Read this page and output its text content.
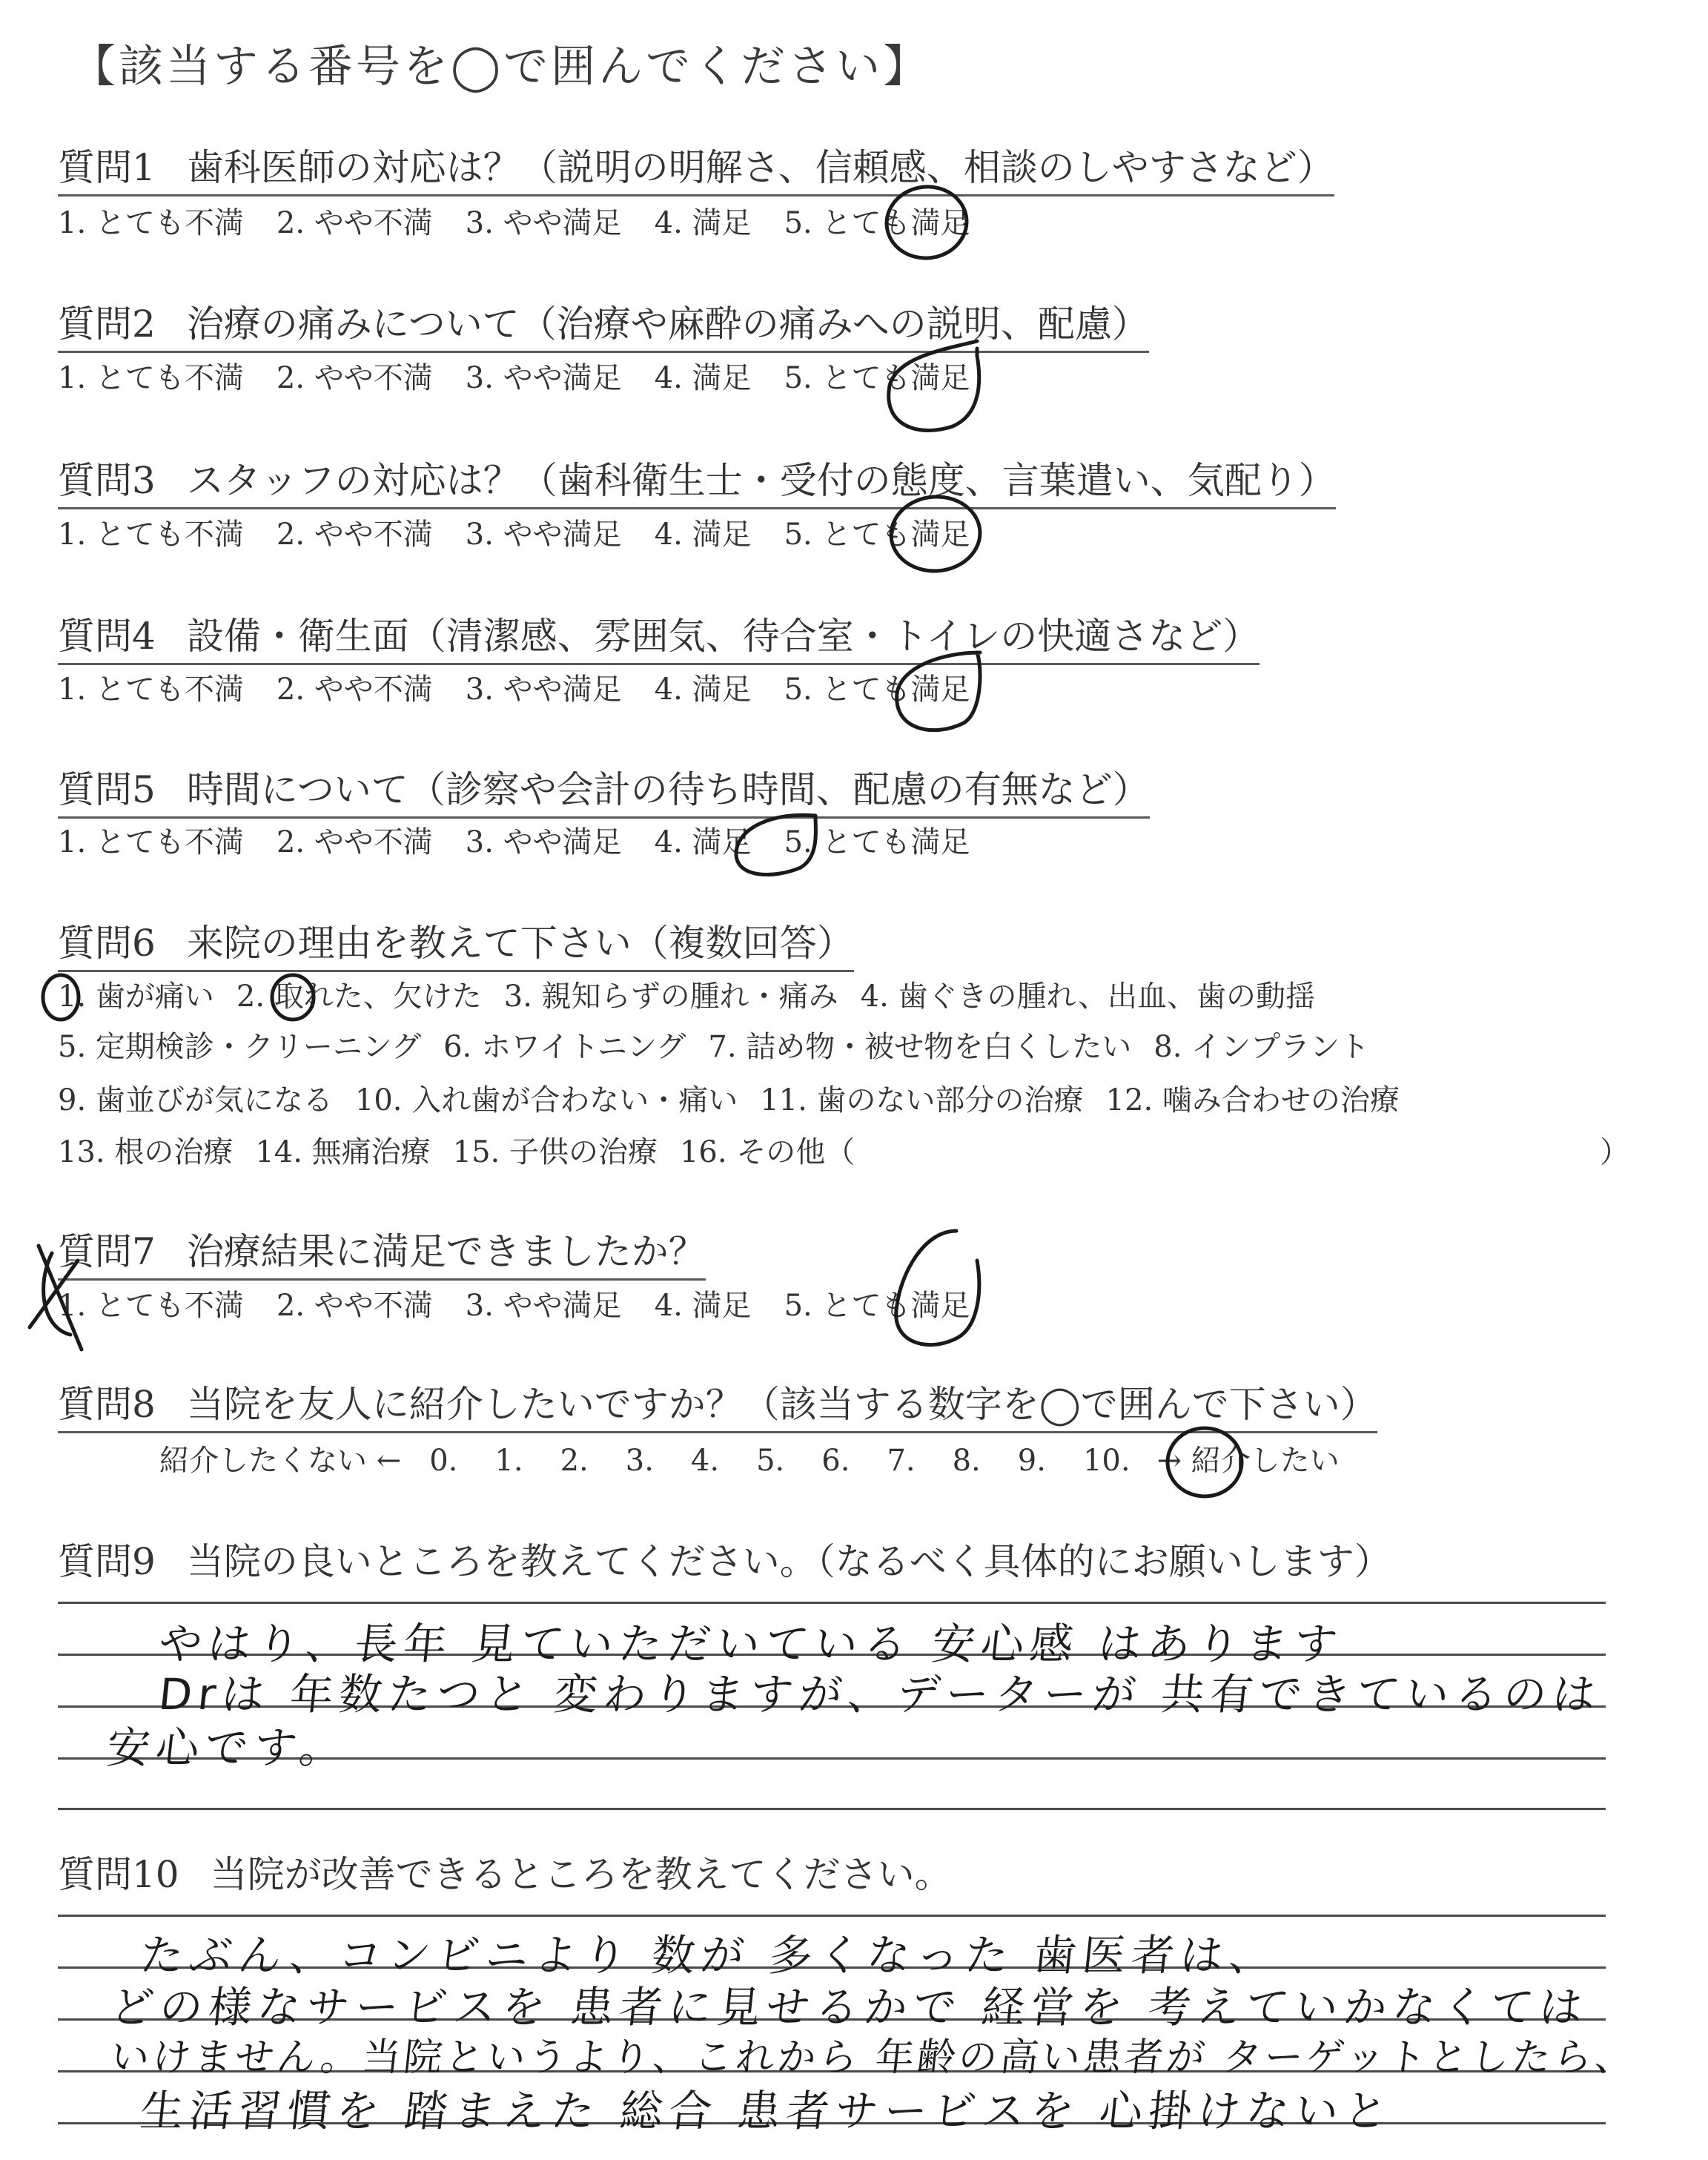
【該当する番号を◯で囲んでください】
質問1 歯科医師の対応は？（説明の明解さ、信頼感、相談のしやすさなど）
1. とても不満 2. やや不満 3. やや満足 4. 満足 5. とても満足
質問2 治療の痛みについて（治療や麻酔の痛みへの説明、配慮）
1. とても不満 2. やや不満 3. やや満足 4. 満足 5. とても満足
質問3 スタッフの対応は？（歯科衛生士・受付の態度、言葉遣い、気配り）
1. とても不満 2. やや不満 3. やや満足 4. 満足 5. とても満足
質問4 設備・衛生面（清潔感、雰囲気、待合室・トイレの快適さなど）
1. とても不満 2. やや不満 3. やや満足 4. 満足 5. とても満足
質問5 時間について（診察や会計の待ち時間、配慮の有無など）
1. とても不満 2. やや不満 3. やや満足 4. 満足 5. とても満足
質問6 来院の理由を教えて下さい（複数回答）
1. 歯が痛い 2. 取れた、欠けた 3. 親知らずの腫れ・痛み 4. 歯ぐきの腫れ、出血、歯の動揺
5. 定期検診・クリーニング 6. ホワイトニング 7. 詰め物・被せ物を白くしたい 8. インプラント
9. 歯並びが気になる 10. 入れ歯が合わない・痛い 11. 歯のない部分の治療 12. 噛み合わせの治療
13. 根の治療 14. 無痛治療 15. 子供の治療 16. その他（	）
質問7 治療結果に満足できましたか？
1. とても不満 2. やや不満 3. やや満足 4. 満足 5. とても満足
質問8 当院を友人に紹介したいですか？（該当する数字を◯で囲んで下さい）
紹介したくない ← 0. 1. 2. 3. 4. 5. 6. 7. 8. 9. 10. → 紹介したい
質問9 当院の良いところを教えてください。（なるべく具体的にお願いします）
やはり、長年 見ていただいている 安心感 はあります
Drは 年数たつと 変わりますが、データーが 共有できているのは
安心です。
質問10 当院が改善できるところを教えてください。
たぶん、コンビニより 数が 多くなった 歯医者は、
どの様なサービスを 患者に見せるかで 経営を 考えていかなくては
いけません。当院というより、これから 年齢の高い患者が ターゲットとしたら、
生活習慣を 踏まえた 総合 患者サービスを 心掛けないと
